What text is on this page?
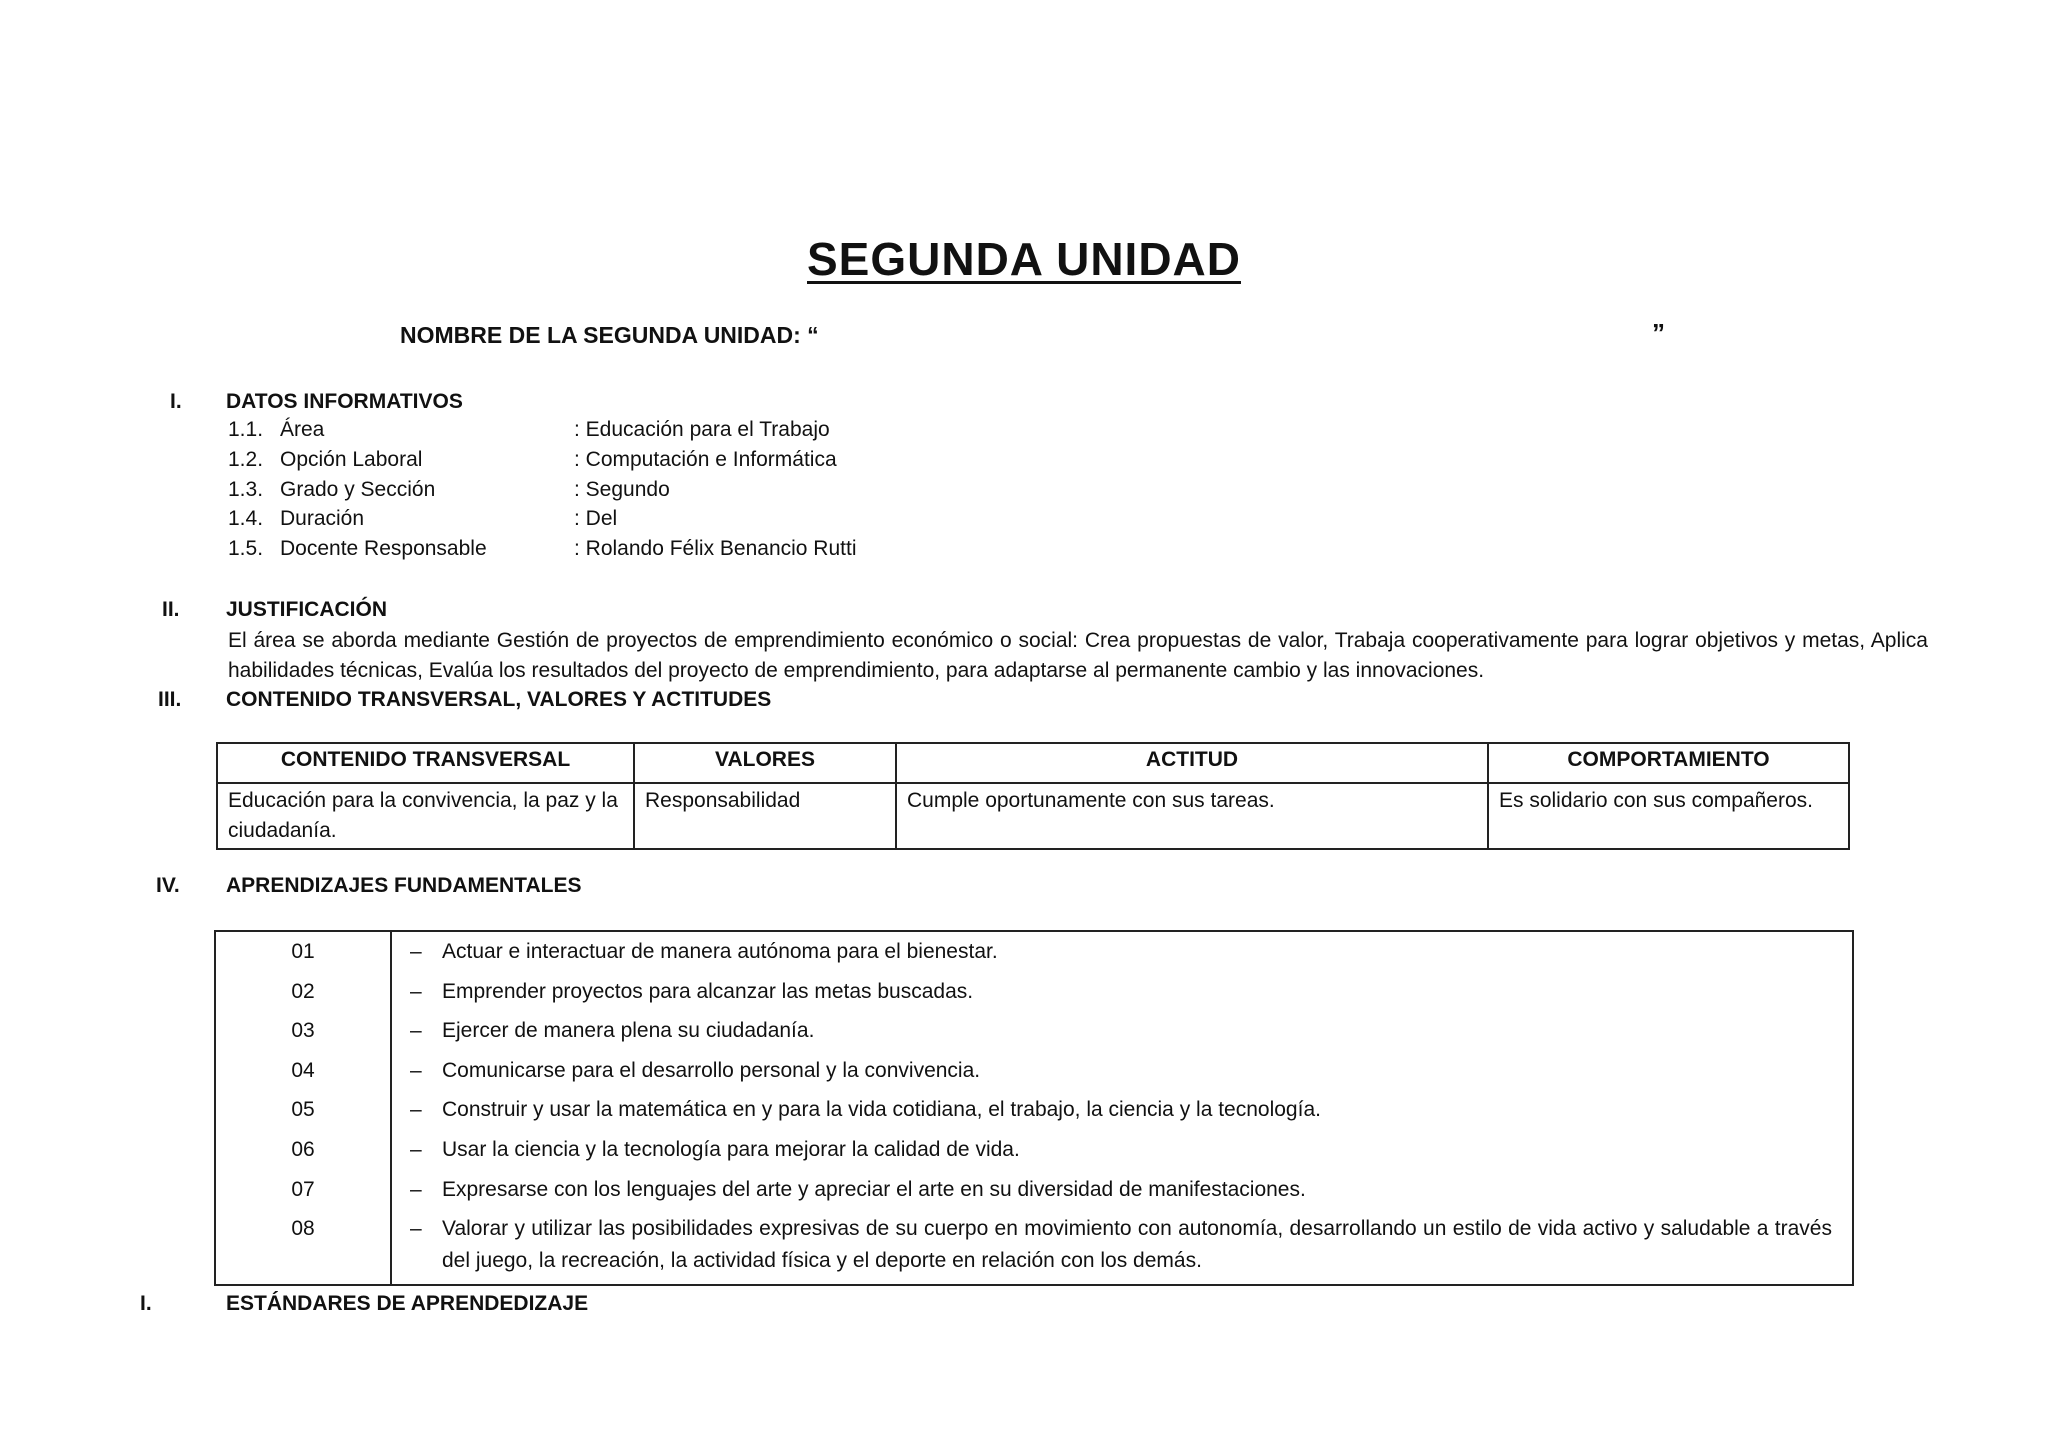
SEGUNDA UNIDAD
NOMBRE DE LA SEGUNDA UNIDAD: “	”
I. DATOS INFORMATIVOS
1.1. Área	: Educación para el Trabajo
1.2. Opción Laboral	: Computación e Informática
1.3. Grado y Sección	: Segundo
1.4. Duración	: Del
1.5. Docente Responsable	: Rolando Félix Benancio Rutti
II. JUSTIFICACIÓN
El área se aborda mediante Gestión de proyectos de emprendimiento económico o social: Crea propuestas de valor, Trabaja cooperativamente para lograr objetivos y metas, Aplica habilidades técnicas, Evalúa los resultados del proyecto de emprendimiento, para adaptarse al permanente cambio y las innovaciones.
III. CONTENIDO TRANSVERSAL, VALORES Y ACTITUDES
CONTENIDO TRANSVERSAL	VALORES	ACTITUD	COMPORTAMIENTO
Educación para la convivencia, la paz y la ciudadanía.	Responsabilidad	Cumple oportunamente con sus tareas.	Es solidario con sus compañeros.
IV. APRENDIZAJES FUNDAMENTALES
01	– Actuar e interactuar de manera autónoma para el bienestar.
02	– Emprender proyectos para alcanzar las metas buscadas.
03	– Ejercer de manera plena su ciudadanía.
04	– Comunicarse para el desarrollo personal y la convivencia.
05	– Construir y usar la matemática en y para la vida cotidiana, el trabajo, la ciencia y la tecnología.
06	– Usar la ciencia y la tecnología para mejorar la calidad de vida.
07	– Expresarse con los lenguajes del arte y apreciar el arte en su diversidad de manifestaciones.
08	– Valorar y utilizar las posibilidades expresivas de su cuerpo en movimiento con autonomía, desarrollando un estilo de vida activo y saludable a través del juego, la recreación, la actividad física y el deporte en relación con los demás.
I.	ESTÁNDARES DE APRENDEDIZAJE
